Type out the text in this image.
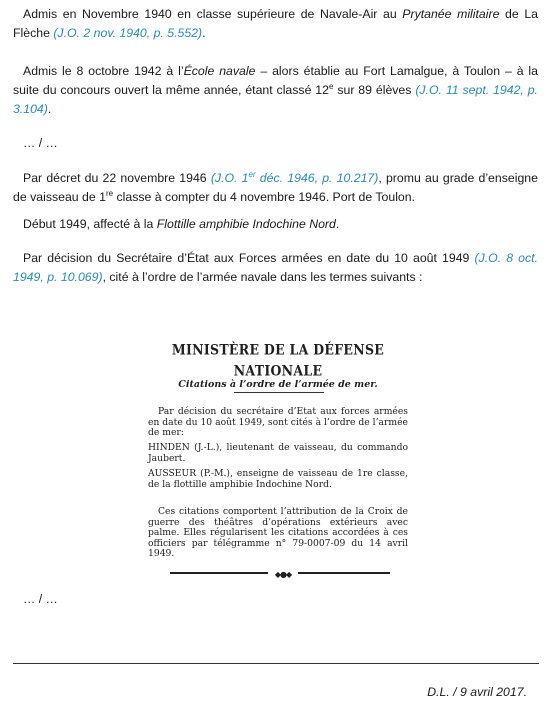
Admis en Novembre 1940 en classe supérieure de Navale-Air au Prytanée militaire de La Flèche (J.O. 2 nov. 1940, p. 5.552).

Admis le 8 octobre 1942 à l’École navale – alors établie au Fort Lamalgue, à Toulon – à la suite du concours ouvert la même année, étant classé 12e sur 89 élèves (J.O. 11 sept. 1942, p. 3.104).

… / …

Par décret du 22 novembre 1946 (J.O. 1er déc. 1946, p. 10.217), promu au grade d’enseigne de vaisseau de 1re classe à compter du 4 novembre 1946. Port de Toulon.

Début 1949, affecté à la Flottille amphibie Indochine Nord.

Par décision du Secrétaire d’État aux Forces armées en date du 10 août 1949 (J.O. 8 oct. 1949, p. 10.069), cité à l’ordre de l’armée navale dans les termes suivants :

MINISTÈRE DE LA DÉFENSE NATIONALE
Citations à l’ordre de l’armée de mer.

Par décision du secrétaire d’Etat aux forces armées en date du 10 août 1949, sont cités à l’ordre de l’armée de mer:

HINDEN (J.-L.), lieutenant de vaisseau, du commando Jaubert.

AUSSEUR (P.-M.), enseigne de vaisseau de 1re classe, de la flottille amphibie Indochine Nord.

Ces citations comportent l’attribution de la Croix de guerre des théâtres d’opérations extérieurs avec palme. Elles régularisent les citations accordées à ces officiers par télégramme n° 79-0007-09 du 14 avril 1949.

◆●◆

… / …

D.L. / 9 avril 2017.
